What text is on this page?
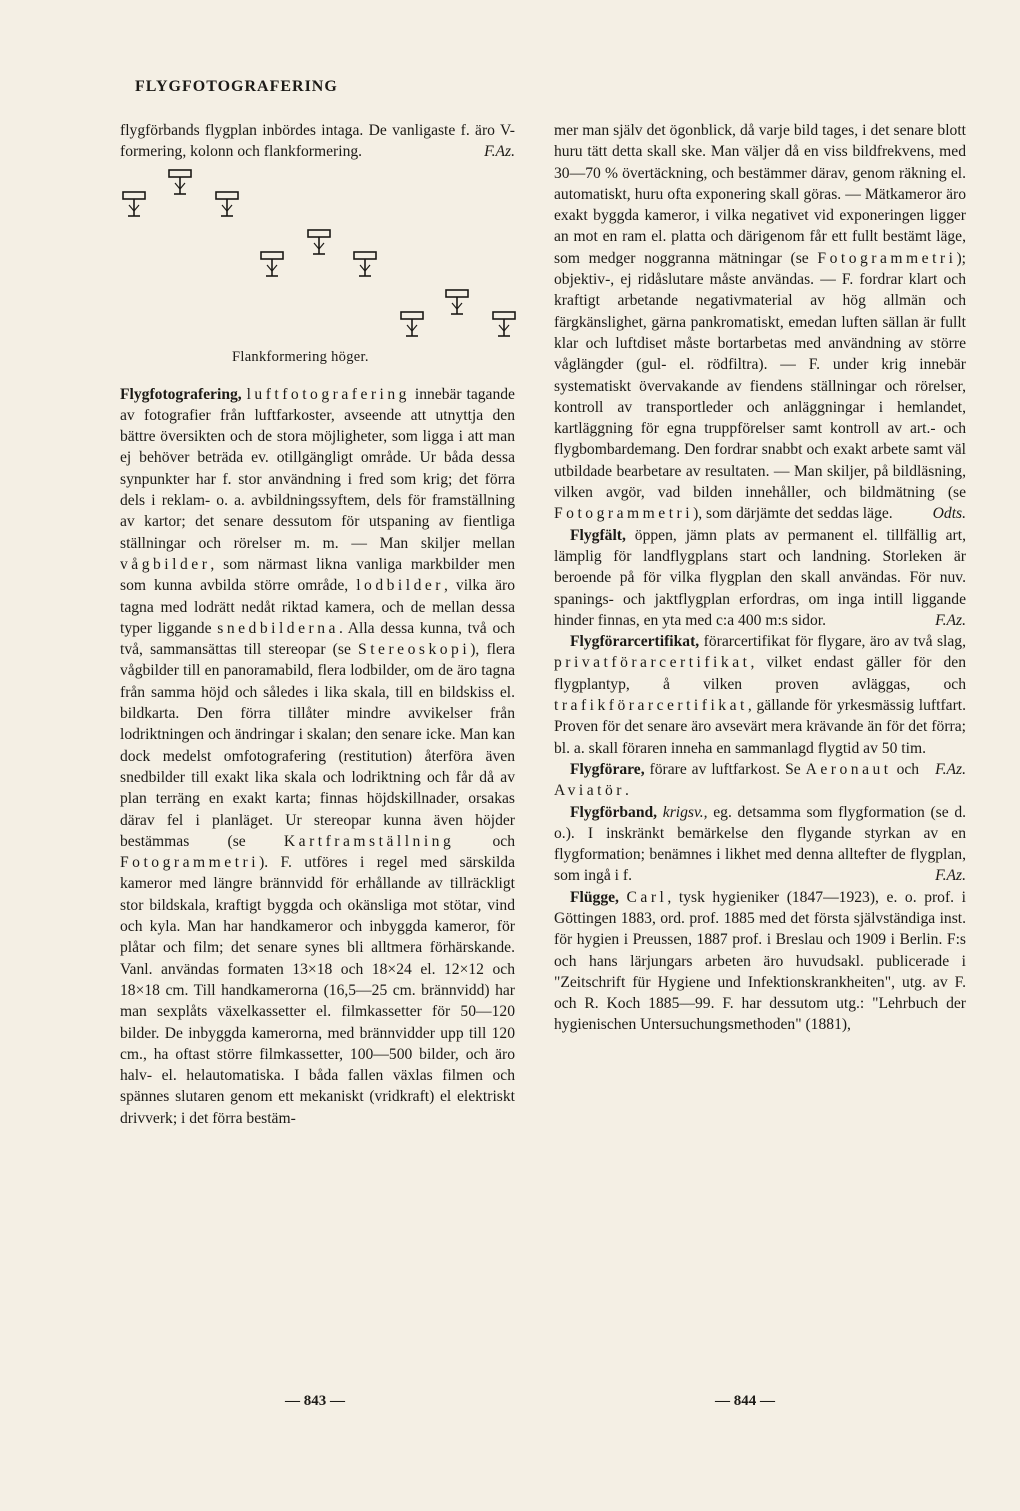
FLYGFOTOGRAFERING

flygförbands flygplan inbördes intaga. De vanligaste f. äro V-formering, kolonn och flankformering.	F.Az.

Flankformering höger.

Flygfotografering, luftfotografering innebär tagande av fotografier från luftfarkoster, avseende att utnyttja den bättre översikten och de stora möjligheter, som ligga i att man ej behöver beträda ev. otillgängligt område. Ur båda dessa synpunkter har f. stor användning i fred som krig; det förra dels i reklam- o. a. avbildningssyftem, dels för framställning av kartor; det senare dessutom för utspaning av fientliga ställningar och rörelser m. m. — Man skiljer mellan vågbilder, som närmast likna vanliga markbilder men som kunna avbilda större område, lodbilder, vilka äro tagna med lodrätt nedåt riktad kamera, och de mellan dessa typer liggande snedbilderna. Alla dessa kunna, två och två, sammansättas till stereopar (se Stereoskopi), flera vågbilder till en panoramabild, flera lodbilder, om de äro tagna från samma höjd och således i lika skala, till en bildskiss el. bildkarta. Den förra tillåter mindre avvikelser från lodriktningen och ändringar i skalan; den senare icke. Man kan dock medelst omfotografering (restitution) återföra även snedbilder till exakt lika skala och lodriktning och får då av plan terräng en exakt karta; finnas höjdskillnader, orsakas därav fel i planläget. Ur stereopar kunna även höjder bestämmas (se Kartframställning och Fotogrammetri). F. utföres i regel med särskilda kameror med längre brännvidd för erhållande av tillräckligt stor bildskala, kraftigt byggda och okänsliga mot stötar, vind och kyla. Man har handkameror och inbyggda kameror, för plåtar och film; det senare synes bli alltmera förhärskande. Vanl. användas formaten 13×18 och 18×24 el. 12×12 och 18×18 cm. Till handkamerorna (16,5—25 cm. brännvidd) har man sexplåts växelkassetter el. filmkassetter för 50—120 bilder. De inbyggda kamerorna, med brännvidder upp till 120 cm., ha oftast större filmkassetter, 100—500 bilder, och äro halv- el. helautomatiska. I båda fallen växlas filmen och spännes slutaren genom ett mekaniskt (vridkraft) el elektriskt drivverk; i det förra bestäm-

mer man själv det ögonblick, då varje bild tages, i det senare blott huru tätt detta skall ske. Man väljer då en viss bildfrekvens, med 30—70 % övertäckning, och bestämmer därav, genom räkning el. automatiskt, huru ofta exponering skall göras. — Mätkameror äro exakt byggda kameror, i vilka negativet vid exponeringen ligger an mot en ram el. platta och därigenom får ett fullt bestämt läge, som medger noggranna mätningar (se Fotogrammetri); objektiv-, ej ridåslutare måste användas. — F. fordrar klart och kraftigt arbetande negativmaterial av hög allmän och färgkänslighet, gärna pankromatiskt, emedan luften sällan är fullt klar och luftdiset måste bortarbetas med användning av större våglängder (gul- el. rödfiltra). — F. under krig innebär systematiskt övervakande av fiendens ställningar och rörelser, kontroll av transportleder och anläggningar i hemlandet, kartläggning för egna truppförelser samt kontroll av art.- och flygbombardemang. Den fordrar snabbt och exakt arbete samt väl utbildade bearbetare av resultaten. — Man skiljer, på bildläsning, vilken avgör, vad bilden innehåller, och bildmätning (se Fotogrammetri), som därjämte det seddas läge.	Odts.

Flygfält, öppen, jämn plats av permanent el. tillfällig art, lämplig för landflygplans start och landning. Storleken är beroende på för vilka flygplan den skall användas. För nuv. spanings- och jaktflygplan erfordras, om inga intill liggande hinder finnas, en yta med c:a 400 m:s sidor.	F.Az.

Flygförarcertifikat, förarcertifikat för flygare, äro av två slag, privatförarcertifikat, vilket endast gäller för den flygplantyp, å vilken proven avläggas, och trafikförarcertifikat, gällande för yrkesmässig luftfart. Proven för det senare äro avsevärt mera krävande än för det förra; bl. a. skall föraren inneha en sammanlagd flygtid av 50 tim.
F.Az.

Flygförare, förare av luftfarkost. Se Aeronaut och Aviatör.

Flygförband, krigsv., eg. detsamma som flygformation (se d. o.). I inskränkt bemärkelse den flygande styrkan av en flygformation; benämnes i likhet med denna alltefter de flygplan, som ingå i f.	F.Az.

Flügge, Carl, tysk hygieniker (1847—1923), e. o. prof. i Göttingen 1883, ord. prof. 1885 med det första självständiga inst. för hygien i Preussen, 1887 prof. i Breslau och 1909 i Berlin. F:s och hans lärjungars arbeten äro huvudsakl. publicerade i "Zeitschrift für Hygiene und Infektionskrankheiten", utg. av F. och R. Koch 1885—99. F. har dessutom utg.: "Lehrbuch der hygienischen Untersuchungsmethoden" (1881),

— 843 —	— 844 —
